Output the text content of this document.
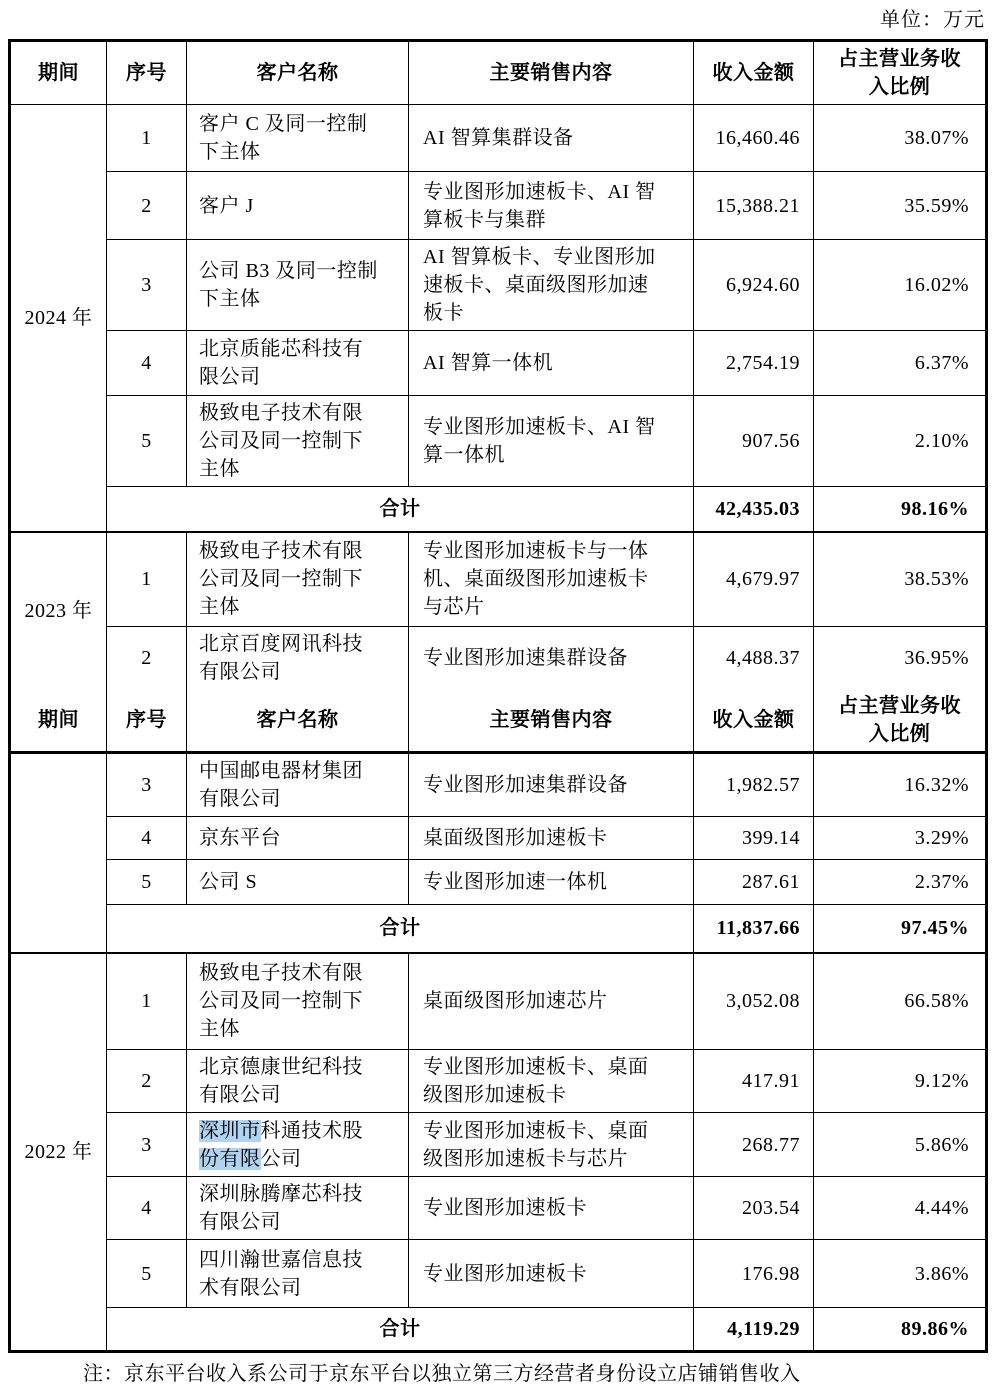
单位：万元
期间	序号	客户名称	主要销售内容	收入金额	占主营业务收入比例
2024 年	1	客户 C 及同一控制下主体	AI 智算集群设备	16,460.46	38.07%
	2	客户 J	专业图形加速板卡、AI 智算板卡与集群	15,388.21	35.59%
	3	公司 B3 及同一控制下主体	AI 智算板卡、专业图形加速板卡、桌面级图形加速板卡	6,924.60	16.02%
	4	北京质能芯科技有限公司	AI 智算一体机	2,754.19	6.37%
	5	极致电子技术有限公司及同一控制下主体	专业图形加速板卡、AI 智算一体机	907.56	2.10%
	合计			42,435.03	98.16%
2023 年	1	极致电子技术有限公司及同一控制下主体	专业图形加速板卡与一体机、桌面级图形加速板卡与芯片	4,679.97	38.53%
	2	北京百度网讯科技有限公司	专业图形加速集群设备	4,488.37	36.95%
期间	序号	客户名称	主要销售内容	收入金额	占主营业务收入比例
	3	中国邮电器材集团有限公司	专业图形加速集群设备	1,982.57	16.32%
	4	京东平台	桌面级图形加速板卡	399.14	3.29%
	5	公司 S	专业图形加速一体机	287.61	2.37%
	合计			11,837.66	97.45%
2022 年	1	极致电子技术有限公司及同一控制下主体	桌面级图形加速芯片	3,052.08	66.58%
	2	北京德康世纪科技有限公司	专业图形加速板卡、桌面级图形加速板卡	417.91	9.12%
	3	深圳市科通技术股份有限公司	专业图形加速板卡、桌面级图形加速板卡与芯片	268.77	5.86%
	4	深圳脉腾摩芯科技有限公司	专业图形加速板卡	203.54	4.44%
	5	四川瀚世嘉信息技术有限公司	专业图形加速板卡	176.98	3.86%
	合计			4,119.29	89.86%
注：京东平台收入系公司于京东平台以独立第三方经营者身份设立店铺销售收入
